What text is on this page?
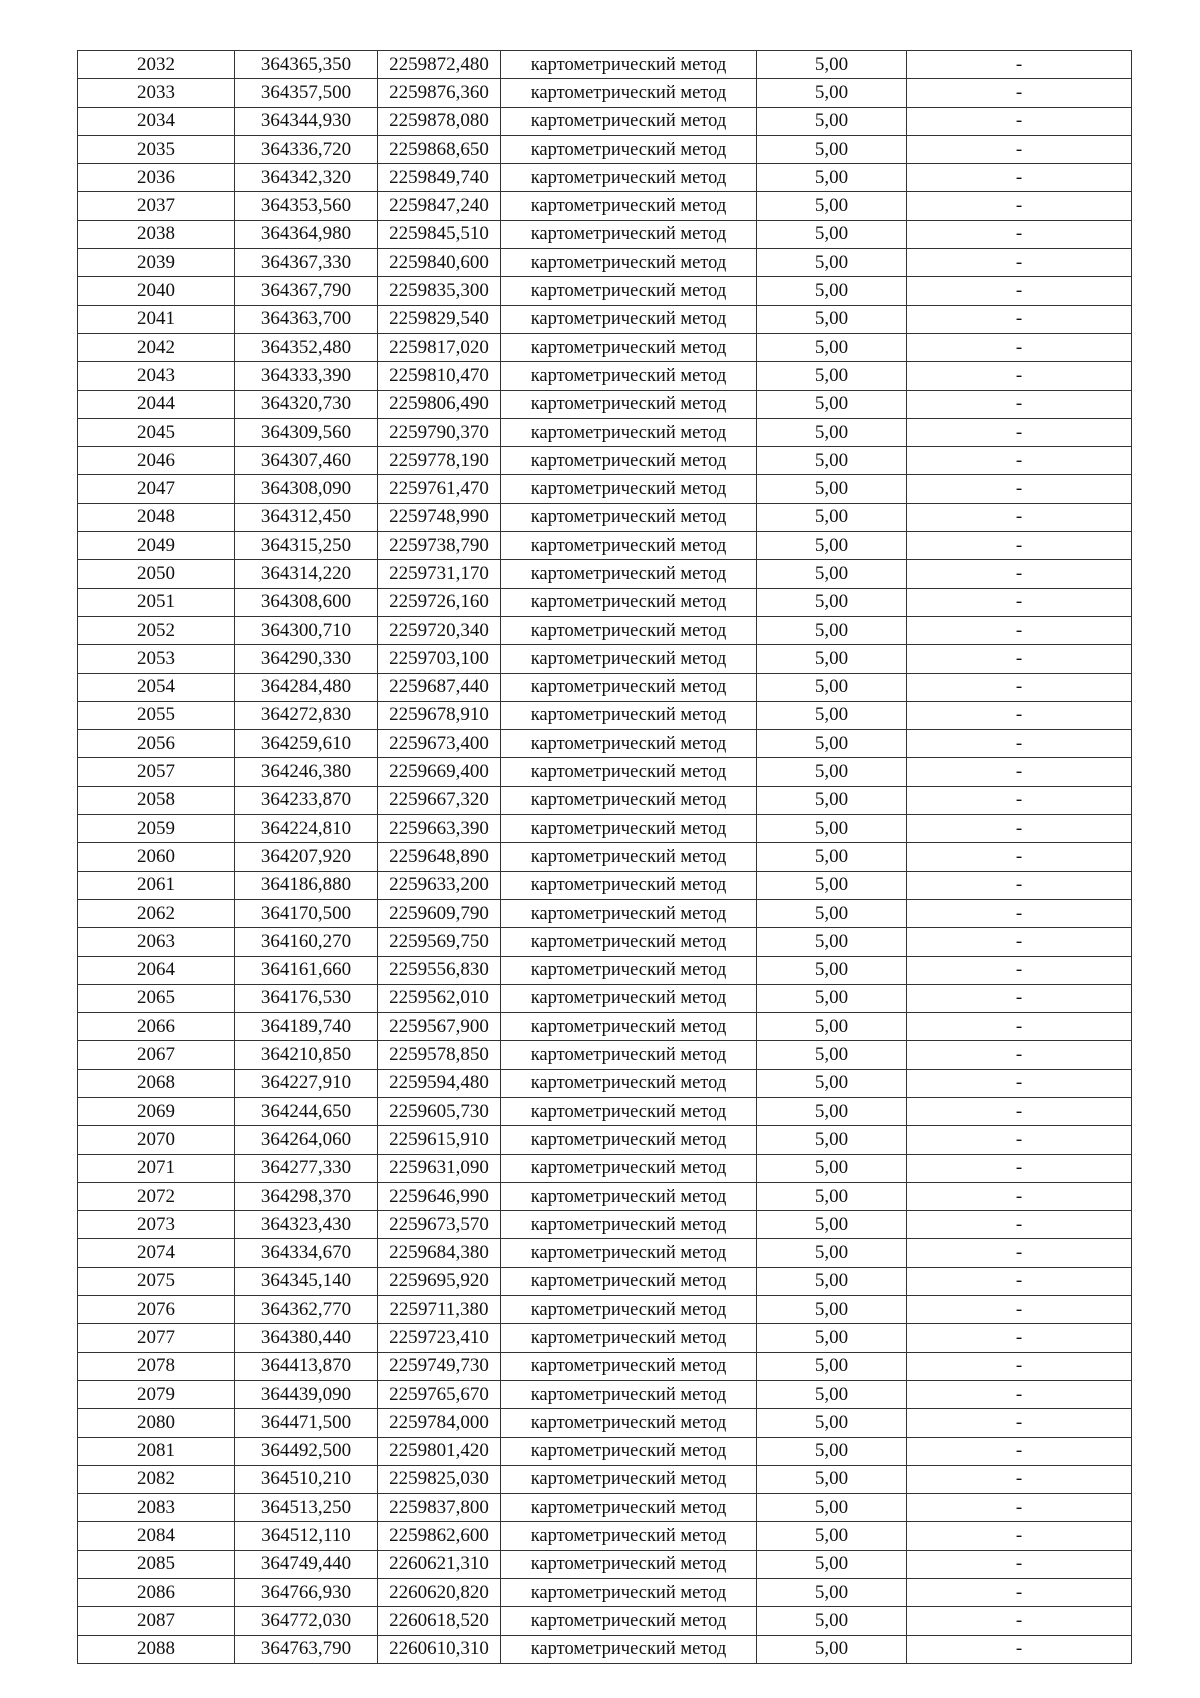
2032	364365,350	2259872,480	картометрический метод	5,00	-
2033	364357,500	2259876,360	картометрический метод	5,00	-
2034	364344,930	2259878,080	картометрический метод	5,00	-
2035	364336,720	2259868,650	картометрический метод	5,00	-
2036	364342,320	2259849,740	картометрический метод	5,00	-
2037	364353,560	2259847,240	картометрический метод	5,00	-
2038	364364,980	2259845,510	картометрический метод	5,00	-
2039	364367,330	2259840,600	картометрический метод	5,00	-
2040	364367,790	2259835,300	картометрический метод	5,00	-
2041	364363,700	2259829,540	картометрический метод	5,00	-
2042	364352,480	2259817,020	картометрический метод	5,00	-
2043	364333,390	2259810,470	картометрический метод	5,00	-
2044	364320,730	2259806,490	картометрический метод	5,00	-
2045	364309,560	2259790,370	картометрический метод	5,00	-
2046	364307,460	2259778,190	картометрический метод	5,00	-
2047	364308,090	2259761,470	картометрический метод	5,00	-
2048	364312,450	2259748,990	картометрический метод	5,00	-
2049	364315,250	2259738,790	картометрический метод	5,00	-
2050	364314,220	2259731,170	картометрический метод	5,00	-
2051	364308,600	2259726,160	картометрический метод	5,00	-
2052	364300,710	2259720,340	картометрический метод	5,00	-
2053	364290,330	2259703,100	картометрический метод	5,00	-
2054	364284,480	2259687,440	картометрический метод	5,00	-
2055	364272,830	2259678,910	картометрический метод	5,00	-
2056	364259,610	2259673,400	картометрический метод	5,00	-
2057	364246,380	2259669,400	картометрический метод	5,00	-
2058	364233,870	2259667,320	картометрический метод	5,00	-
2059	364224,810	2259663,390	картометрический метод	5,00	-
2060	364207,920	2259648,890	картометрический метод	5,00	-
2061	364186,880	2259633,200	картометрический метод	5,00	-
2062	364170,500	2259609,790	картометрический метод	5,00	-
2063	364160,270	2259569,750	картометрический метод	5,00	-
2064	364161,660	2259556,830	картометрический метод	5,00	-
2065	364176,530	2259562,010	картометрический метод	5,00	-
2066	364189,740	2259567,900	картометрический метод	5,00	-
2067	364210,850	2259578,850	картометрический метод	5,00	-
2068	364227,910	2259594,480	картометрический метод	5,00	-
2069	364244,650	2259605,730	картометрический метод	5,00	-
2070	364264,060	2259615,910	картометрический метод	5,00	-
2071	364277,330	2259631,090	картометрический метод	5,00	-
2072	364298,370	2259646,990	картометрический метод	5,00	-
2073	364323,430	2259673,570	картометрический метод	5,00	-
2074	364334,670	2259684,380	картометрический метод	5,00	-
2075	364345,140	2259695,920	картометрический метод	5,00	-
2076	364362,770	2259711,380	картометрический метод	5,00	-
2077	364380,440	2259723,410	картометрический метод	5,00	-
2078	364413,870	2259749,730	картометрический метод	5,00	-
2079	364439,090	2259765,670	картометрический метод	5,00	-
2080	364471,500	2259784,000	картометрический метод	5,00	-
2081	364492,500	2259801,420	картометрический метод	5,00	-
2082	364510,210	2259825,030	картометрический метод	5,00	-
2083	364513,250	2259837,800	картометрический метод	5,00	-
2084	364512,110	2259862,600	картометрический метод	5,00	-
2085	364749,440	2260621,310	картометрический метод	5,00	-
2086	364766,930	2260620,820	картометрический метод	5,00	-
2087	364772,030	2260618,520	картометрический метод	5,00	-
2088	364763,790	2260610,310	картометрический метод	5,00	-
